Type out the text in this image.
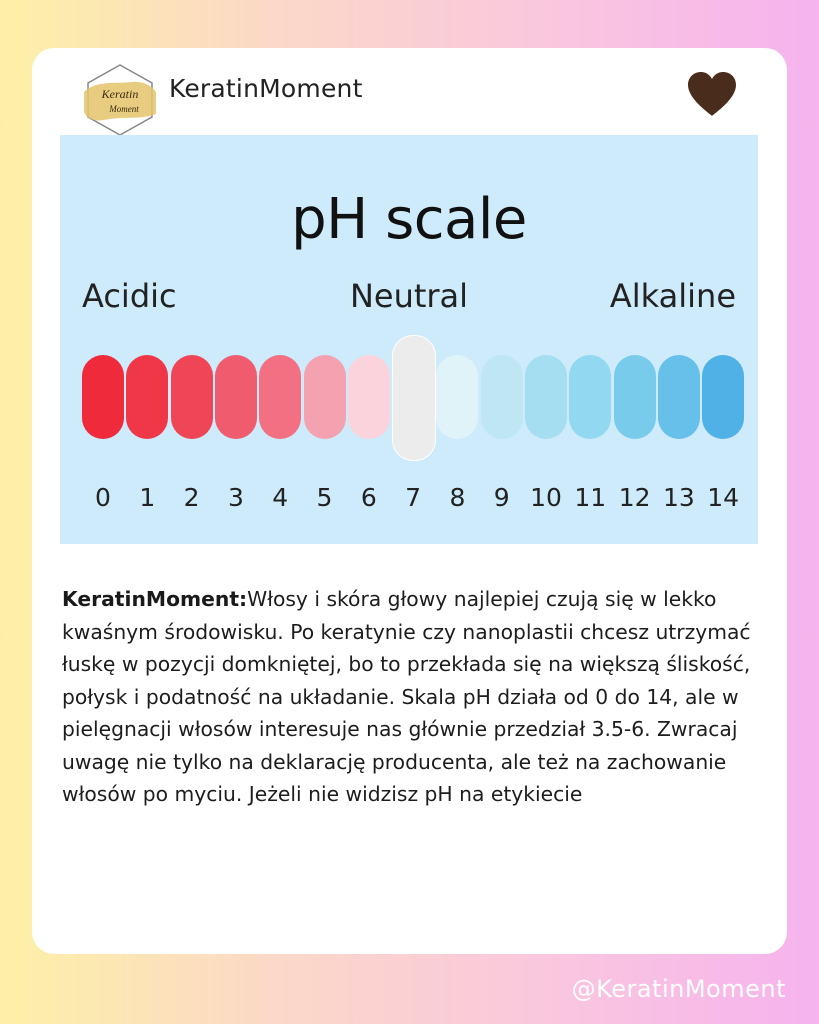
Keratin
Moment
KeratinMoment
pH scale
Acidic	Neutral	Alkaline
0	1	2	3	4	5	6	7	8	9 10 11 12 13 14
KeratinMoment:Włosy i skóra głowy najlepiej czują się w lekko kwaśnym środowisku. Po keratynie czy nanoplastii chcesz utrzymać łuskę w pozycji domkniętej, bo to przekłada się na większą śliskość, połysk i podatność na układanie. Skala pH działa od 0 do 14, ale w pielęgnacji włosów interesuje nas głównie przedział 3.5-6. Zwracaj uwagę nie tylko na deklarację producenta, ale też na zachowanie włosów po myciu. Jeżeli nie widzisz pH na etykiecie
@KeratinMoment
